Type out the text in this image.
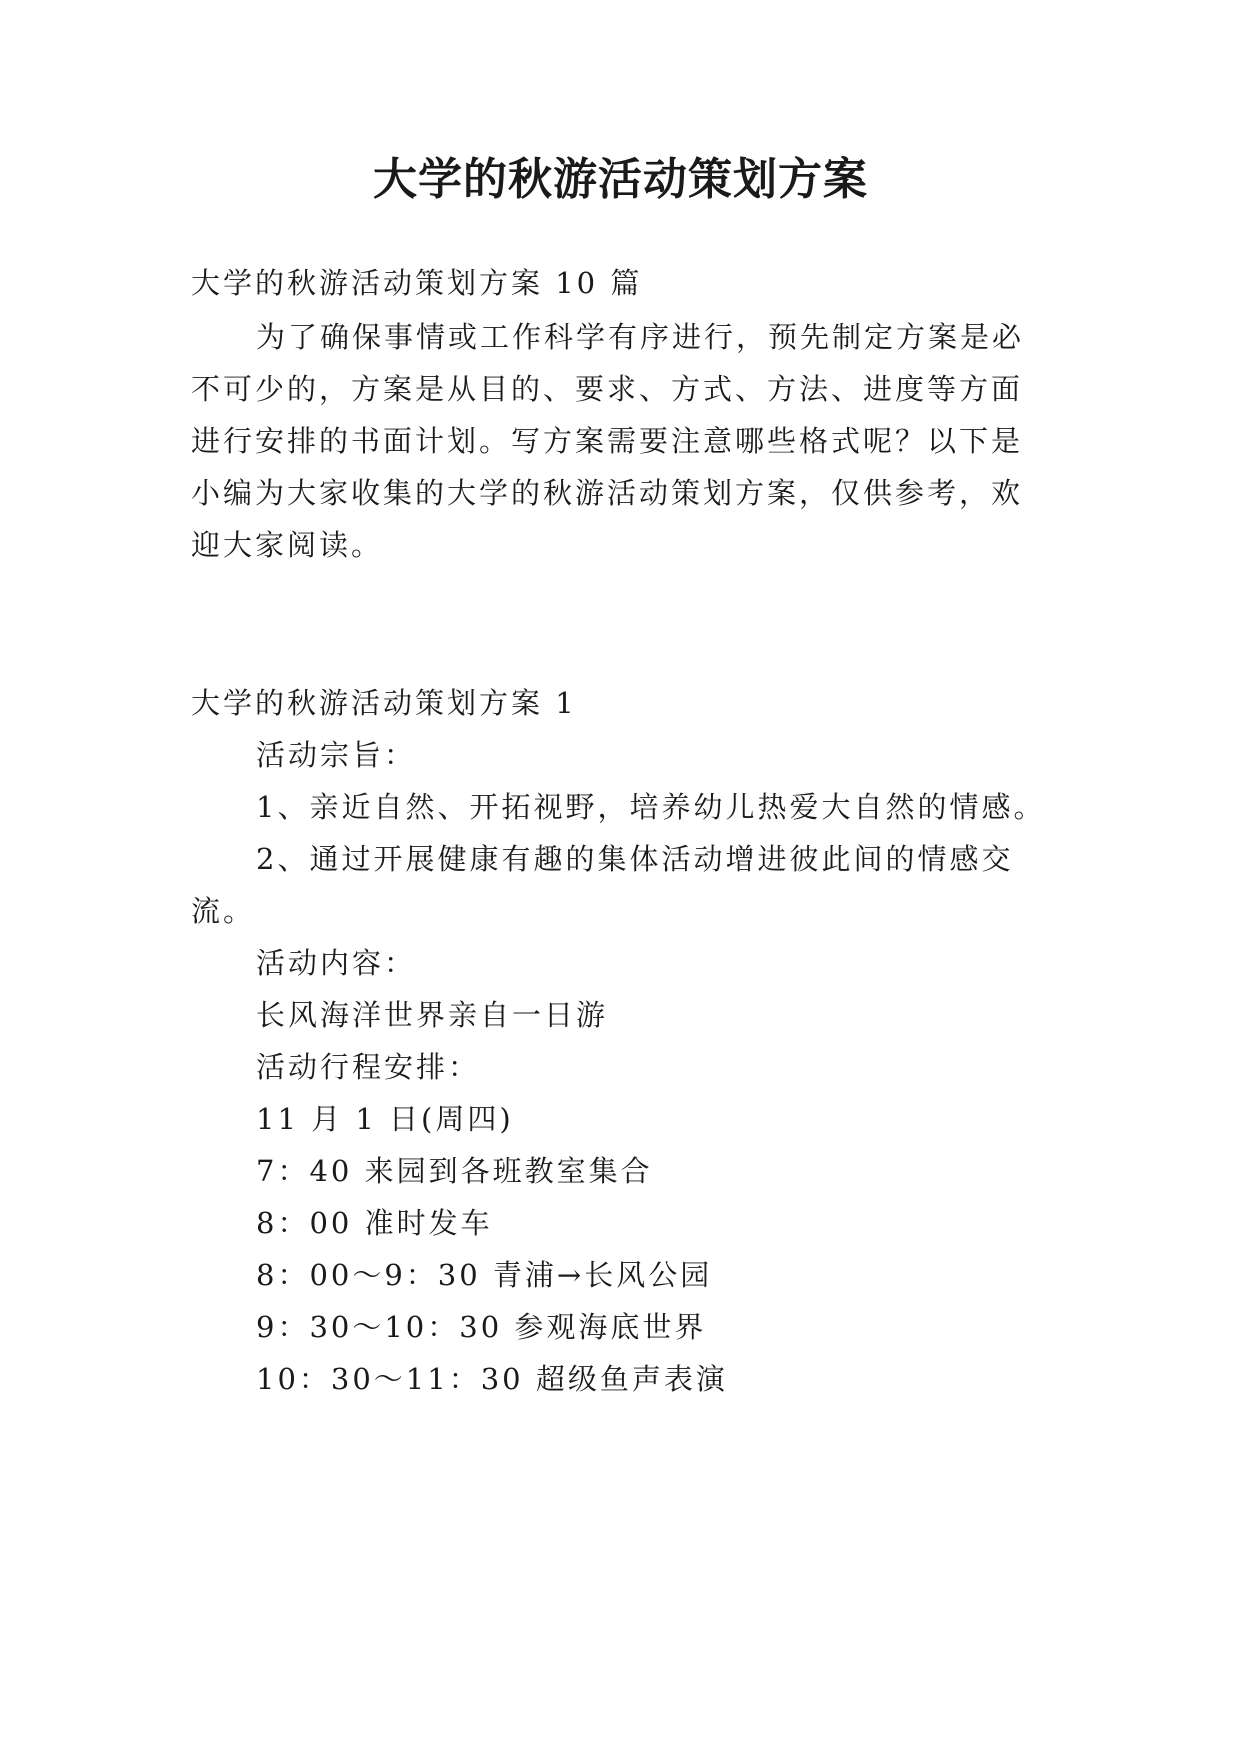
大学的秋游活动策划方案
大学的秋游活动策划方案 10 篇
为了确保事情或工作科学有序进行，预先制定方案是必
不可少的，方案是从目的、要求、方式、方法、进度等方面
进行安排的书面计划。写方案需要注意哪些格式呢？以下是
小编为大家收集的大学的秋游活动策划方案，仅供参考，欢
迎大家阅读。
大学的秋游活动策划方案 1
活动宗旨：
1、亲近自然、开拓视野，培养幼儿热爱大自然的情感。
2、通过开展健康有趣的集体活动增进彼此间的情感交
流。
活动内容：
长风海洋世界亲自一日游
活动行程安排：
11 月 1 日(周四)
7：40 来园到各班教室集合
8：00 准时发车
8：00～9：30 青浦→长风公园
9：30～10：30 参观海底世界
10：30～11：30 超级鱼声表演
